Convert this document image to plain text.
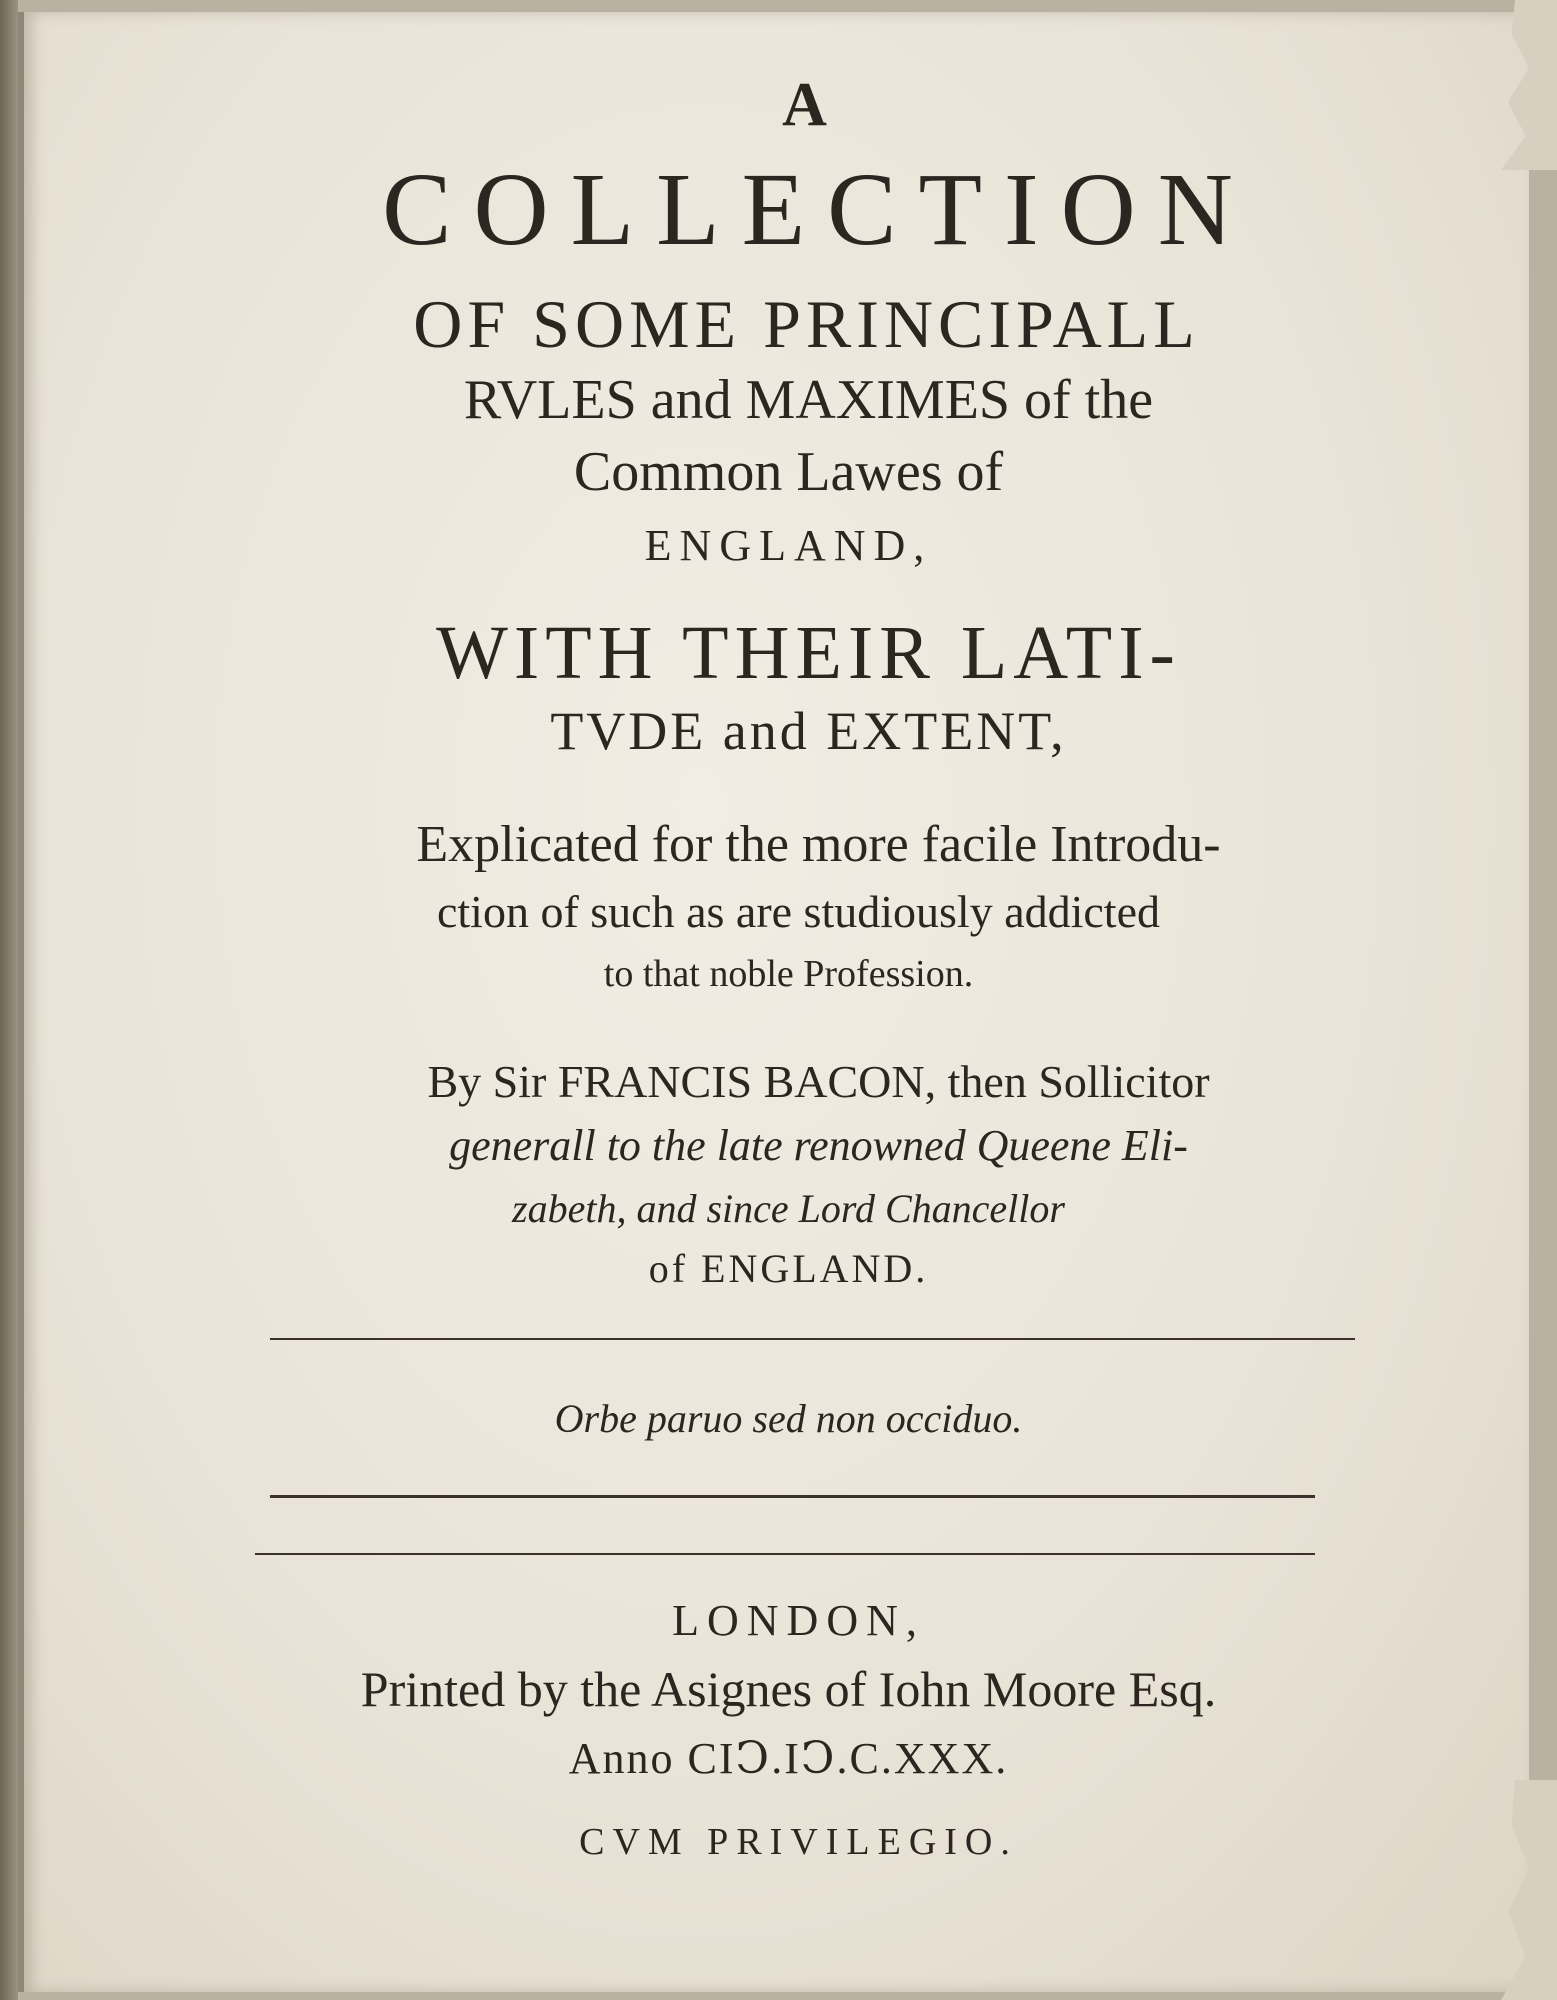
A
COLLECTION
OF SOME PRINCIPALL
RVLES and MAXIMES of the
Common Lawes of
ENGLAND,
WITH THEIR LATI-
TVDE and EXTENT,
Explicated for the more facile Introdu-
ction of such as are studiously addicted
to that noble Profession.
By Sir FRANCIS BACON, then Sollicitor
generall to the late renowned Queene Eli-
zabeth, and since Lord Chancellor
of ENGLAND.
Orbe paruo sed non occiduo.
LONDON,
Printed by the Asignes of Iohn Moore Esq.
Anno CIↃ.IↃ.C.XXX.
CVM PRIVILEGIO.
